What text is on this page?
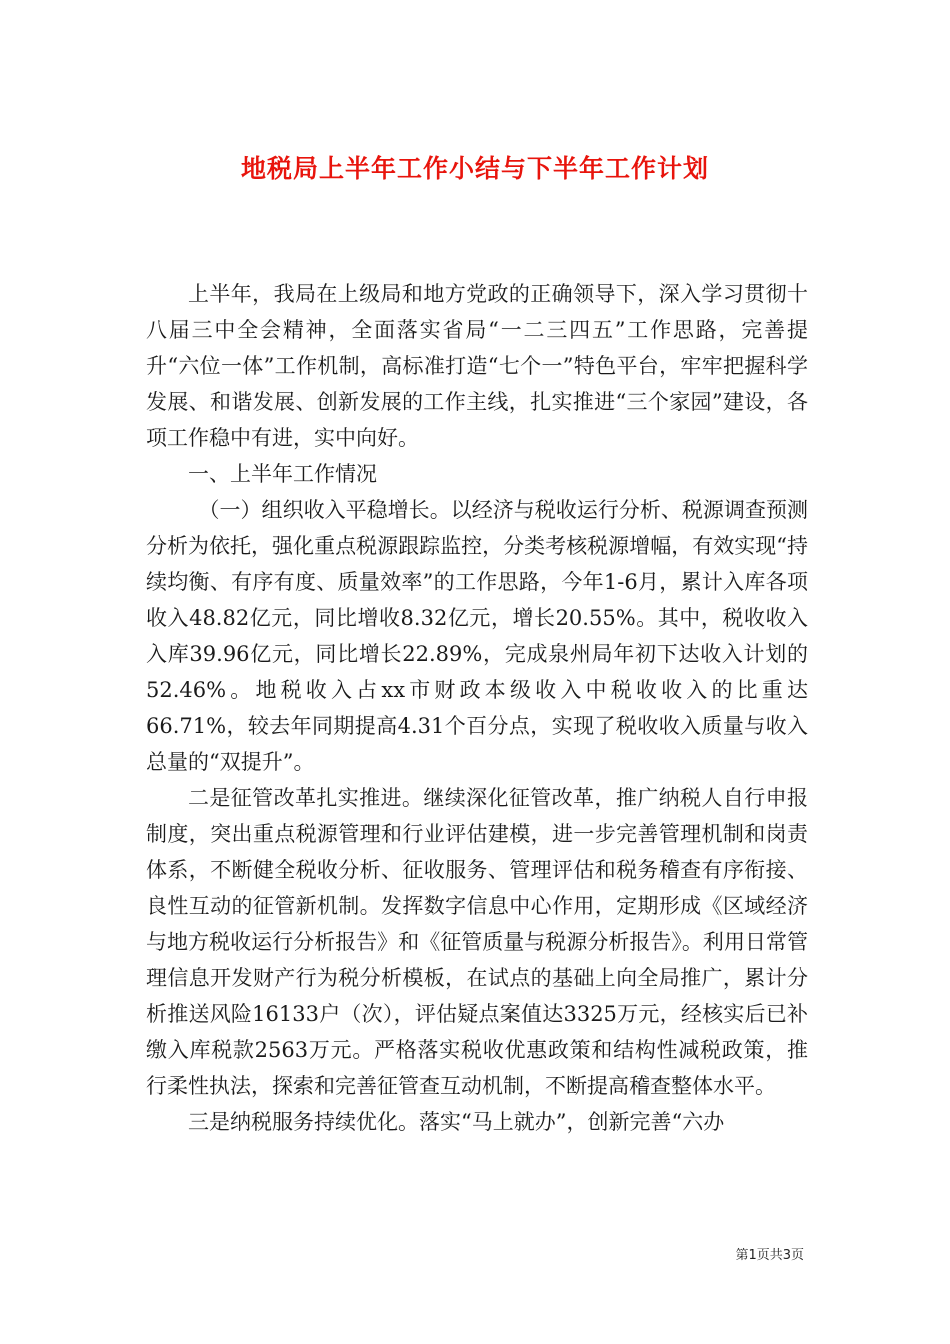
地税局上半年工作小结与下半年工作计划

上半年，我局在上级局和地方党政的正确领导下，深入学习贯彻十八届三中全会精神，全面落实省局“一二三四五”工作思路，完善提升“六位一体”工作机制，高标准打造“七个一”特色平台，牢牢把握科学发展、和谐发展、创新发展的工作主线，扎实推进“三个家园”建设，各项工作稳中有进，实中向好。

一、上半年工作情况

（一）组织收入平稳增长。以经济与税收运行分析、税源调查预测分析为依托，强化重点税源跟踪监控，分类考核税源增幅，有效实现“持续均衡、有序有度、质量效率”的工作思路，今年1-6月，累计入库各项收入48.82亿元，同比增收8.32亿元，增长20.55%。其中，税收收入入库39.96亿元，同比增长22.89%，完成泉州局年初下达收入计划的52.46%。地税收入占xx市财政本级收入中税收收入的比重达66.71%，较去年同期提高4.31个百分点，实现了税收收入质量与收入总量的“双提升”。

二是征管改革扎实推进。继续深化征管改革，推广纳税人自行申报制度，突出重点税源管理和行业评估建模，进一步完善管理机制和岗责体系，不断健全税收分析、征收服务、管理评估和税务稽查有序衔接、良性互动的征管新机制。发挥数字信息中心作用，定期形成《区域经济与地方税收运行分析报告》和《征管质量与税源分析报告》。利用日常管理信息开发财产行为税分析模板，在试点的基础上向全局推广，累计分析推送风险16133户（次），评估疑点案值达3325万元，经核实后已补缴入库税款2563万元。严格落实税收优惠政策和结构性减税政策，推行柔性执法，探索和完善征管查互动机制，不断提高稽查整体水平。

三是纳税服务持续优化。落实“马上就办”，创新完善“六办

第1页共3页
